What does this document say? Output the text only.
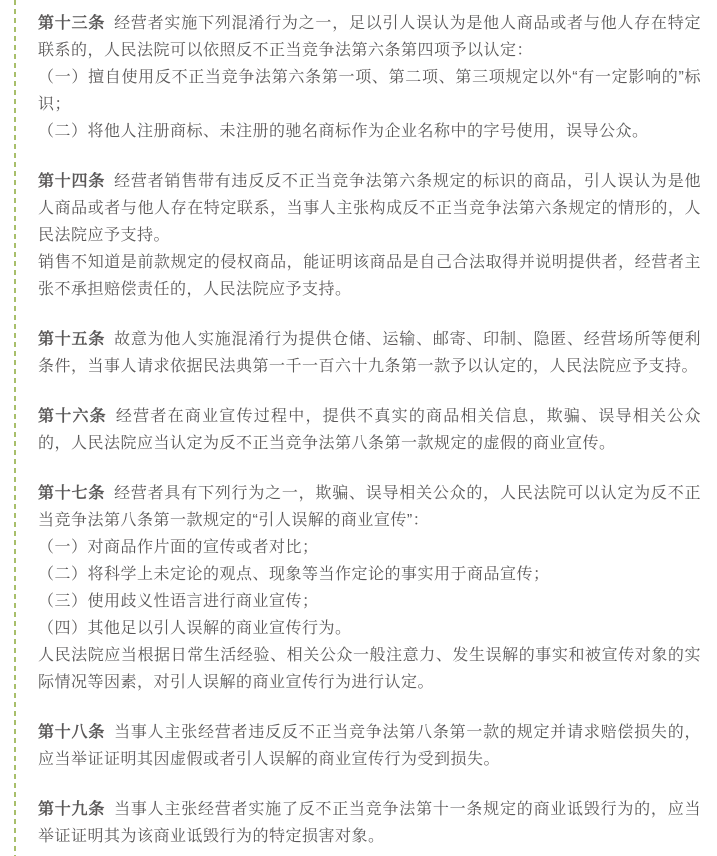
第十三条 经营者实施下列混淆行为之一，足以引人误认为是他人商品或者与他人存在特定联系的，人民法院可以依照反不正当竞争法第六条第四项予以认定：

（一）擅自使用反不正当竞争法第六条第一项、第二项、第三项规定以外“有一定影响的”标识；

（二）将他人注册商标、未注册的驰名商标作为企业名称中的字号使用，误导公众。

第十四条 经营者销售带有违反反不正当竞争法第六条规定的标识的商品，引人误认为是他人商品或者与他人存在特定联系，当事人主张构成反不正当竞争法第六条规定的情形的，人民法院应予支持。

销售不知道是前款规定的侵权商品，能证明该商品是自己合法取得并说明提供者，经营者主张不承担赔偿责任的，人民法院应予支持。

第十五条 故意为他人实施混淆行为提供仓储、运输、邮寄、印制、隐匿、经营场所等便利条件，当事人请求依据民法典第一千一百六十九条第一款予以认定的，人民法院应予支持。

第十六条 经营者在商业宣传过程中，提供不真实的商品相关信息，欺骗、误导相关公众的，人民法院应当认定为反不正当竞争法第八条第一款规定的虚假的商业宣传。

第十七条 经营者具有下列行为之一，欺骗、误导相关公众的，人民法院可以认定为反不正当竞争法第八条第一款规定的“引人误解的商业宣传”：

（一）对商品作片面的宣传或者对比；

（二）将科学上未定论的观点、现象等当作定论的事实用于商品宣传；

（三）使用歧义性语言进行商业宣传；

（四）其他足以引人误解的商业宣传行为。

人民法院应当根据日常生活经验、相关公众一般注意力、发生误解的事实和被宣传对象的实际情况等因素，对引人误解的商业宣传行为进行认定。

第十八条 当事人主张经营者违反反不正当竞争法第八条第一款的规定并请求赔偿损失的，应当举证证明其因虚假或者引人误解的商业宣传行为受到损失。

第十九条 当事人主张经营者实施了反不正当竞争法第十一条规定的商业诋毁行为的，应当举证证明其为该商业诋毁行为的特定损害对象。
